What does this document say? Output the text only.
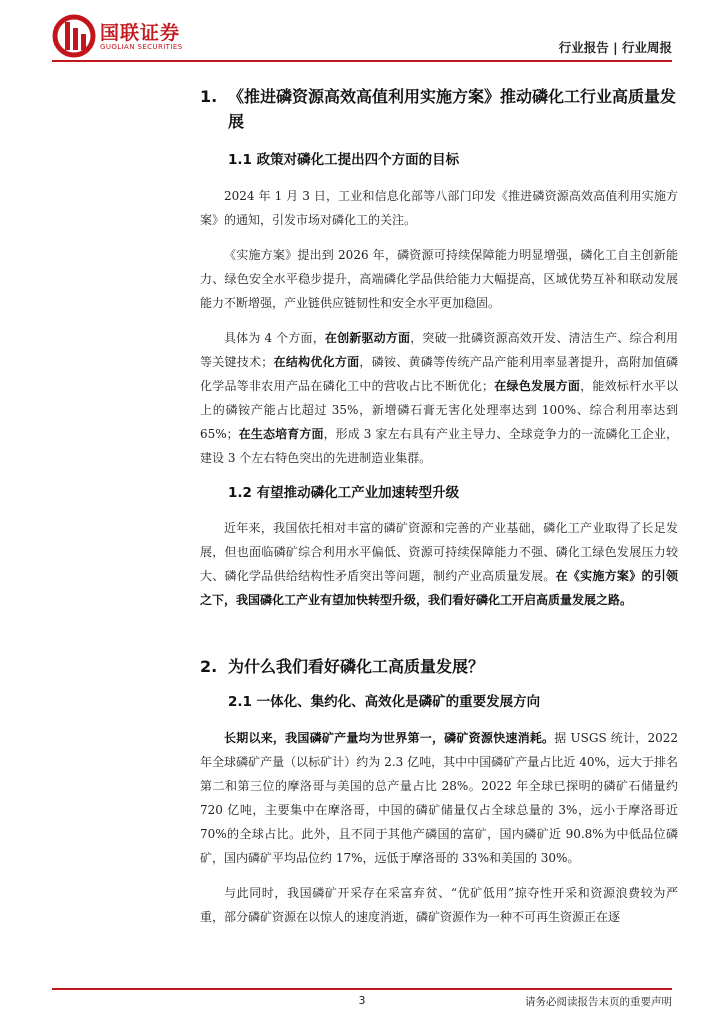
国联证券
GUOLIAN SECURITIES	行业报告 | 行业周报
1. 《推进磷资源高效高值利用实施方案》推动磷化工行业高质量发展
1.1 政策对磷化工提出四个方面的目标

2024 年 1 月 3 日，工业和信息化部等八部门印发《推进磷资源高效高值利用实施方案》的通知，引发市场对磷化工的关注。

《实施方案》提出到 2026 年，磷资源可持续保障能力明显增强，磷化工自主创新能力、绿色安全水平稳步提升，高端磷化学品供给能力大幅提高，区域优势互补和联动发展能力不断增强，产业链供应链韧性和安全水平更加稳固。

具体为 4 个方面，在创新驱动方面，突破一批磷资源高效开发、清洁生产、综合利用等关键技术；在结构优化方面，磷铵、黄磷等传统产品产能利用率显著提升，高附加值磷化学品等非农用产品在磷化工中的营收占比不断优化；在绿色发展方面，能效标杆水平以上的磷铵产能占比超过 35%，新增磷石膏无害化处理率达到 100%、综合利用率达到 65%；在生态培育方面，形成 3 家左右具有产业主导力、全球竞争力的一流磷化工企业，建设 3 个左右特色突出的先进制造业集群。

1.2 有望推动磷化工产业加速转型升级

近年来，我国依托相对丰富的磷矿资源和完善的产业基础，磷化工产业取得了长足发展，但也面临磷矿综合利用水平偏低、资源可持续保障能力不强、磷化工绿色发展压力较大、磷化学品供给结构性矛盾突出等问题，制约产业高质量发展。在《实施方案》的引领之下，我国磷化工产业有望加快转型升级，我们看好磷化工开启高质量发展之路。

2. 为什么我们看好磷化工高质量发展？
2.1 一体化、集约化、高效化是磷矿的重要发展方向

长期以来，我国磷矿产量均为世界第一，磷矿资源快速消耗。据 USGS 统计，2022 年全球磷矿产量（以标矿计）约为 2.3 亿吨，其中中国磷矿产量占比近 40%，远大于排名第二和第三位的摩洛哥与美国的总产量占比 28%。2022 年全球已探明的磷矿石储量约 720 亿吨，主要集中在摩洛哥，中国的磷矿储量仅占全球总量的 3%，远小于摩洛哥近 70%的全球占比。此外，且不同于其他产磷国的富矿，国内磷矿近 90.8%为中低品位磷矿，国内磷矿平均品位约 17%，远低于摩洛哥的 33%和美国的 30%。

与此同时，我国磷矿开采存在采富弃贫、“优矿低用”掠夺性开采和资源浪费较为严重，部分磷矿资源在以惊人的速度消逝，磷矿资源作为一种不可再生资源正在逐

3	请务必阅读报告末页的重要声明
